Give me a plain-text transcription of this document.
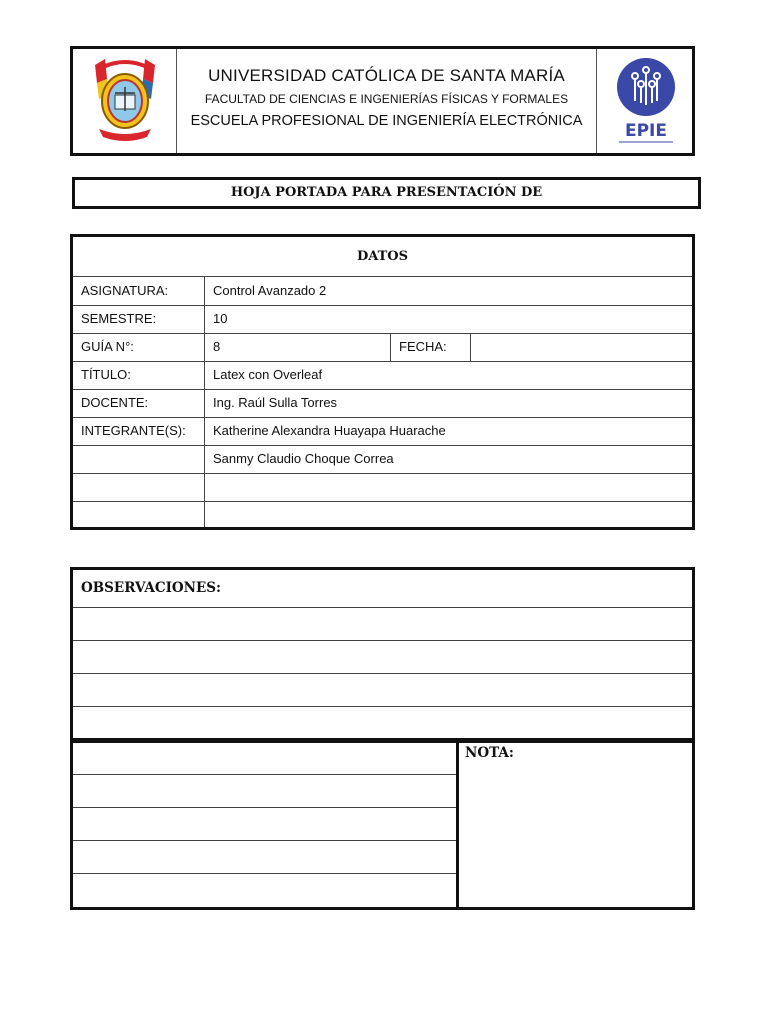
UNIVERSIDAD CATÓLICA DE SANTA MARÍA
FACULTAD DE CIENCIAS E INGENIERÍAS FÍSICAS Y FORMALES
ESCUELA PROFESIONAL DE INGENIERÍA ELECTRÓNICA	EPIE
HOJA PORTADA PARA PRESENTACIÓN DE
DATOS
ASIGNATURA:	Control Avanzado 2
SEMESTRE:	10
GUÍA N°:	8	FECHA:
TÍTULO:	Latex con Overleaf
DOCENTE:	Ing. Raúl Sulla Torres
INTEGRANTE(S): Katherine Alexandra Huayapa Huarache
Sanmy Claudio Choque Correa
OBSERVACIONES:
NOTA:
